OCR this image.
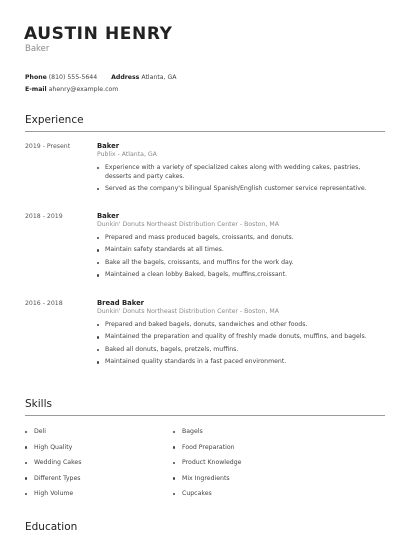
AUSTIN HENRY
Baker
Phone (810) 555-5644 Address Atlanta, GA
E-mail ahenry@example.com
Experience
2019 - Present	Baker
Publix - Atlanta, GA
Experience with a variety of specialized cakes along with wedding cakes, pastries, desserts and party cakes.
Served as the company's bilingual Spanish/English customer service representative.
2018 - 2019	Baker
Dunkin' Donuts Northeast Distribution Center - Boston, MA
Prepared and mass produced bagels, croissants, and donuts.
Maintain safety standards at all times.
Bake all the bagels, croissants, and muffins for the work day.
Maintained a clean lobby Baked, bagels, muffins,croissant.
2016 - 2018	Bread Baker
Dunkin' Donuts Northeast Distribution Center - Boston, MA
Prepared and baked bagels, donuts, sandwiches and other foods.
Maintained the preparation and quality of freshly made donuts, muffins, and bagels.
Baked all donuts, bagels, pretzels, muffins.
Maintained quality standards in a fast paced environment.
Skills
Deli	Bagels
High Quality	Food Preparation
Wedding Cakes	Product Knowledge
Different Types	Mix Ingredients
High Volume	Cupcakes
Education
